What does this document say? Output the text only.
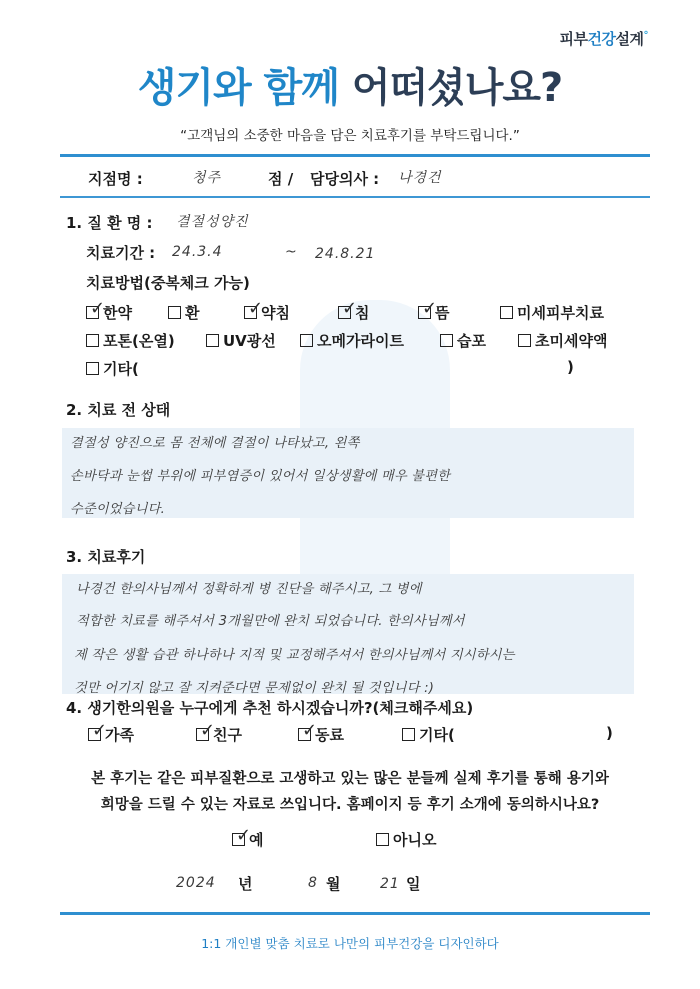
피부건강설계°
생기와 함께 어떠셨나요?
“고객님의 소중한 마음을 담은 치료후기를 부탁드립니다.”
지점명 :	청주	점 / 담당의사 : 나경건
1. 질 환 명 : 결절성양진
치료기간 : 24.3.4	~ 24.8.21
치료방법(중복체크 가능)
✓
한약	환	✓
약침	✓
침	✓
뜸	미세피부치료
포톤(온열)	UV광선	오메가라이트	습포	초미세약액
기타(	)
2. 치료 전 상태
결절성 양진으로 몸 전체에 결절이 나타났고, 왼쪽
손바닥과 눈썹 부위에 피부염증이 있어서 일상생활에 매우 불편한
수준이었습니다.
3. 치료후기
나경건 한의사님께서 정확하게 병 진단을 해주시고, 그 병에
적합한 치료를 해주셔서 3개월만에 완치 되었습니다. 한의사님께서
제 작은 생활 습관 하나하나 지적 및 교정해주셔서 한의사님께서 지시하시는
것만 어기지 않고 잘 지켜준다면 문제없이 완치 될 것입니다 :)
4. 생기한의원을 누구에게 추천 하시겠습니까?(체크해주세요)
✓
가족	✓
친구	✓
동료	기타(	)
본 후기는 같은 피부질환으로 고생하고 있는 많은 분들께 실제 후기를 통해 용기와
희망을 드릴 수 있는 자료로 쓰입니다. 홈페이지 등 후기 소개에 동의하시나요?
✓
예	아니오
2024 년	8 월	21 일
1:1 개인별 맞춤 치료로 나만의 피부건강을 디자인하다
